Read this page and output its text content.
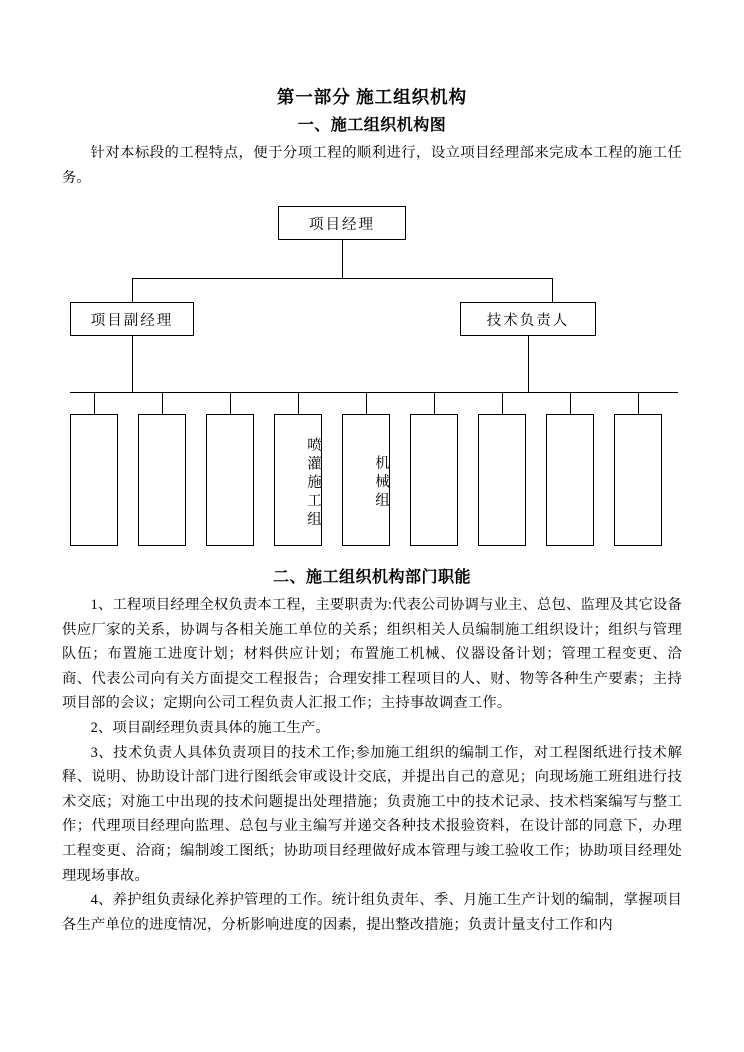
第一部分 施工组织机构
一、施工组织机构图

针对本标段的工程特点，便于分项工程的顺利进行，设立项目经理部来完成本工程的施工任务。

项目经理
项目副经理	技术负责人
喷灌施工组	机械组
二、施工组织机构部门职能

1、工程项目经理全权负责本工程，主要职责为:代表公司协调与业主、总包、监理及其它设备供应厂家的关系，协调与各相关施工单位的关系；组织相关人员编制施工组织设计；组织与管理队伍；布置施工进度计划；材料供应计划；布置施工机械、仪器设备计划；管理工程变更、洽商、代表公司向有关方面提交工程报告；合理安排工程项目的人、财、物等各种生产要素；主持项目部的会议；定期向公司工程负责人汇报工作；主持事故调查工作。

2、项目副经理负责具体的施工生产。

3、技术负责人具体负责项目的技术工作;参加施工组织的编制工作，对工程图纸进行技术解释、说明、协助设计部门进行图纸会审或设计交底，并提出自己的意见；向现场施工班组进行技术交底；对施工中出现的技术问题提出处理措施；负责施工中的技术记录、技术档案编写与整工作；代理项目经理向监理、总包与业主编写并递交各种技术报验资料，在设计部的同意下，办理工程变更、洽商；编制竣工图纸；协助项目经理做好成本管理与竣工验收工作；协助项目经理处理现场事故。

4、养护组负责绿化养护管理的工作。统计组负责年、季、月施工生产计划的编制，掌握项目各生产单位的进度情况，分析影响进度的因素，提出整改措施；负责计量支付工作和内
